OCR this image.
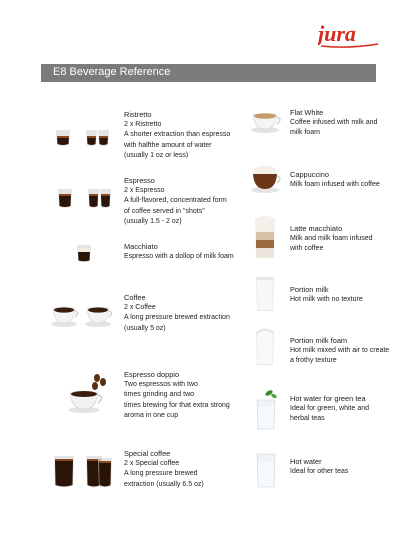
jura
E8 Beverage Reference
Ristretto
2 x Ristretto
A shorter extraction than espresso
with halfthe amount of water
(usually 1 oz or less)
Espresso
2 x Espresso
A full-flavored, concentrated form
of coffee served in "shots"
(usually 1.5 - 2 oz)
Macchiato
Espresso with a dollop of milk foam
Coffee
2 x Coffee
A long pressure brewed extraction
(usually 5 oz)
Espresso doppio
Two espressos with two
times grinding and two
times brewing for that extra strong
aroma in one cup
Special coffee
2 x Special coffee
A long pressure brewed
extraction (usually 6.5 oz)
Flat White
Coffee infused with milk and
milk foam
Cappuccino
Milk foam infused with coffee
Latte macchiato
Milk and milk foam infused
with coffee
Portion milk
Hot milk with no texture
Portion milk foam
Hot milk mixed with air to create
a frothy texture
Hot water for green tea
Ideal for green, white and
herbal teas
Hot water
Ideal for other teas
